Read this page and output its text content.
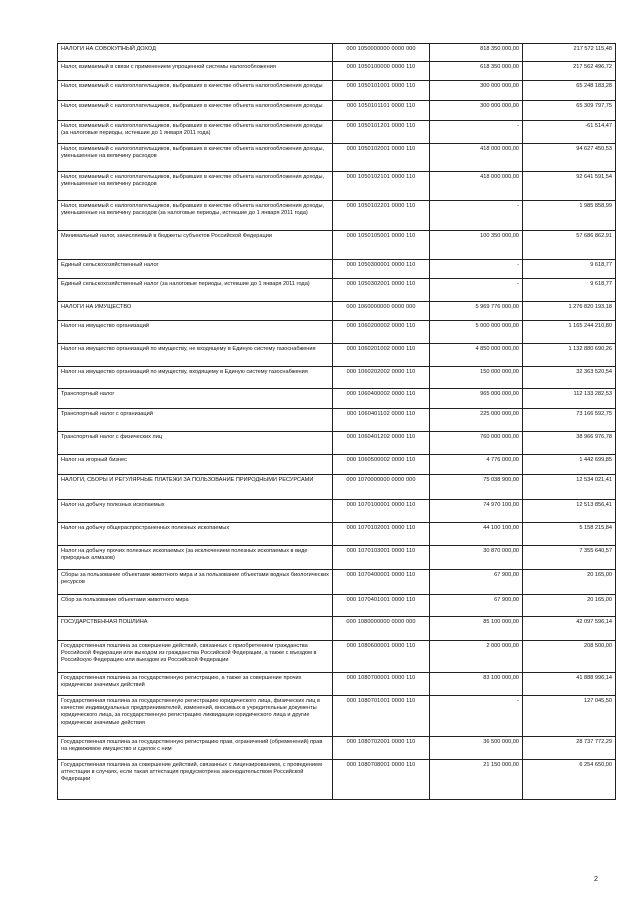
НАЛОГИ НА СОВОКУПНЫЙ ДОХОД	000 1050000000 0000 000	818 350 000,00	217 572 115,48
Налог, взимаемый в связи с применением упрощенной системы налогообложения	000 1050100000 0000 110	618 350 000,00	217 562 496,72
Налог, взимаемый с налогоплательщиков, выбравших в качестве объекта налогообложения доходы	000 1050101001 0000 110	300 000 000,00	65 248 183,28
Налог, взимаемый с налогоплательщиков, выбравших в качестве объекта налогообложения доходы	000 1050101101 0000 110	300 000 000,00	65 309 797,75
Налог, взимаемый с налогоплательщиков, выбравших в качестве объекта налогообложения доходы (за налоговые периоды, истекшие до 1 января 2011 года)	000 1050101201 0000 110	-	-61 514,47
Налог, взимаемый с налогоплательщиков, выбравших в качестве объекта налогообложения доходы, уменьшенные на величину расходов	000 1050102001 0000 110	418 000 000,00	94 627 450,53
Налог, взимаемый с налогоплательщиков, выбравших в качестве объекта налогообложения доходы, уменьшенные на величину расходов	000 1050102101 0000 110	418 000 000,00	92 641 591,54
Налог, взимаемый с налогоплательщиков, выбравших в качестве объекта налогообложения доходы, уменьшенные на величину расходов (за налоговые периоды, истекшие до 1 января 2011 года)	000 1050102201 0000 110	-	1 985 858,99
Минимальный налог, зачисляемый в бюджеты субъектов Российской Федерации	000 1050105001 0000 110	100 350 000,00	57 686 862,91
Единый сельскохозяйственный налог	000 1050300001 0000 110	-	9 618,77
Единый сельскохозяйственный налог (за налоговые периоды, истекшие до 1 января 2011 года)	000 1050302001 0000 110	-	9 618,77
НАЛОГИ НА ИМУЩЕСТВО	000 1060000000 0000 000	5 969 776 000,00	1 276 820 193,18
Налог на имущество организаций	000 1060200002 0000 110	5 000 000 000,00	1 165 244 210,80
Налог на имущество организаций по имуществу, не входящему в Единую систему газоснабжения	000 1060201002 0000 110	4 850 000 000,00	1 132 880 690,26
Налог на имущество организаций по имуществу, входящему в Единую систему газоснабжения	000 1060202002 0000 110	150 000 000,00	32 363 520,54
Транспортный налог	000 1060400002 0000 110	965 000 000,00	112 133 282,53
Транспортный налог с организаций	000 1060401102 0000 110	225 000 000,00	73 166 592,75
Транспортный налог с физических лиц	000 1060401202 0000 110	760 000 000,00	38 966 976,78
Налог на игорный бизнес	000 1060500002 0000 110	4 776 000,00	1 442 699,85
НАЛОГИ, СБОРЫ И РЕГУЛЯРНЫЕ ПЛАТЕЖИ ЗА ПОЛЬЗОВАНИЕ ПРИРОДНЫМИ РЕСУРСАМИ	000 1070000000 0000 000	75 038 900,00	12 534 021,41
Налог на добычу полезных ископаемых	000 1070100001 0000 110	74 970 100,00	12 513 856,41
Налог на добычу общераспространенных полезных ископаемых	000 1070102001 0000 110	44 100 100,00	5 158 215,84
Налог на добычу прочих полезных ископаемых (за исключением полезных ископаемых в виде природных алмазов)	000 1070103001 0000 110	30 870 000,00	7 355 640,57
Сборы за пользование объектами животного мира и за пользование объектами водных биологических ресурсов	000 1070400001 0000 110	67 900,00	20 165,00
Сбор за пользование объектами животного мира	000 1070401001 0000 110	67 900,00	20 165,00
ГОСУДАРСТВЕННАЯ ПОШЛИНА	000 1080000000 0000 000	85 100 000,00	42 097 596,14
Государственная пошлина за совершение действий, связанных с приобретением гражданства Российской Федерации или выходом из гражданства Российской Федерации, а также с въездом в Российскую Федерацию или выездом из Российской Федерации	000 1080600001 0000 110	2 000 000,00	208 500,00
Государственная пошлина за государственную регистрацию, а также за совершение прочих юридически значимых действий	000 1080700001 0000 110	83 100 000,00	41 888 996,14
Государственная пошлина за государственную регистрацию юридического лица, физических лиц в качестве индивидуальных предпринимателей, изменений, вносимых в учредительные документы юридического лица, за государственную регистрацию ликвидации юридического лица и другие юридически значимые действия	000 1080701001 0000 110	-	127 045,50
Государственная пошлина за государственную регистрацию прав, ограничений (обременений) прав на недвижимое имущество и сделок с ним	000 1080702001 0000 110	36 500 000,00	28 737 772,29
Государственная пошлина за совершение действий, связанных с лицензированием, с проведением аттестации в случаях, если такая аттестация предусмотрена законодательством Российской Федерации	000 1080708001 0000 110	21 150 000,00	6 254 650,00
2
